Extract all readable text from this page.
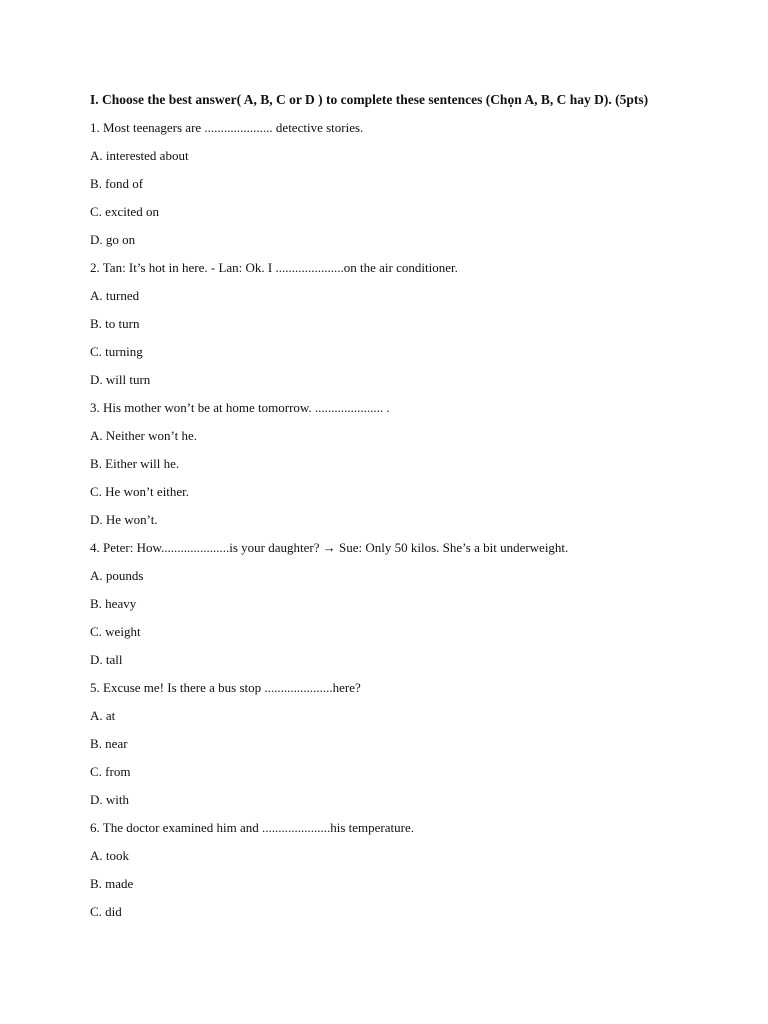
I. Choose the best answer( A, B, C or D ) to complete these sentences (Chọn A, B, C hay D). (5pts)
1. Most teenagers are ..................... detective stories.
A. interested about
B. fond of
C. excited on
D. go on
2. Tan: It’s hot in here. - Lan: Ok. I .....................on the air conditioner.
A. turned
B. to turn
C. turning
D. will turn
3. His mother won’t be at home tomorrow. ..................... .
A. Neither won’t he.
B. Either will he.
C. He won’t either.
D. He won’t.
4. Peter: How.....................is your daughter? → Sue: Only 50 kilos. She’s a bit underweight.
A. pounds
B. heavy
C. weight
D. tall
5. Excuse me! Is there a bus stop .....................here?
A. at
B. near
C. from
D. with
6. The doctor examined him and .....................his temperature.
A. took
B. made
C. did
